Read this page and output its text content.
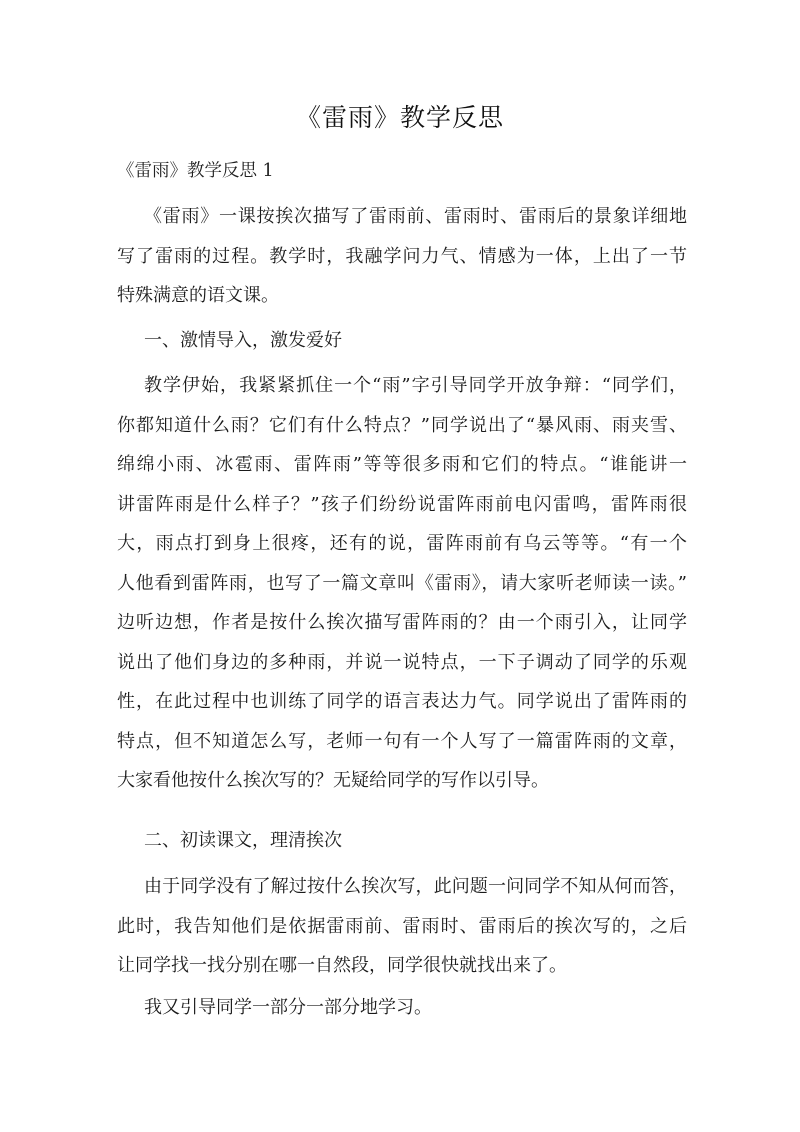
《雷雨》教学反思
《雷雨》教学反思 1
《雷雨》一课按挨次描写了雷雨前、雷雨时、雷雨后的景象详细地
写了雷雨的过程。教学时，我融学问力气、情感为一体，上出了一节
特殊满意的语文课。
一、激情导入，激发爱好
教学伊始，我紧紧抓住一个“雨”字引导同学开放争辩：“同学们，
你都知道什么雨？它们有什么特点？”同学说出了“暴风雨、雨夹雪、
绵绵小雨、冰雹雨、雷阵雨”等等很多雨和它们的特点。“谁能讲一
讲雷阵雨是什么样子？”孩子们纷纷说雷阵雨前电闪雷鸣，雷阵雨很
大，雨点打到身上很疼，还有的说，雷阵雨前有乌云等等。“有一个
人他看到雷阵雨，也写了一篇文章叫《雷雨》，请大家听老师读一读。”
边听边想，作者是按什么挨次描写雷阵雨的？由一个雨引入，让同学
说出了他们身边的多种雨，并说一说特点，一下子调动了同学的乐观
性，在此过程中也训练了同学的语言表达力气。同学说出了雷阵雨的
特点，但不知道怎么写，老师一句有一个人写了一篇雷阵雨的文章，
大家看他按什么挨次写的？无疑给同学的写作以引导。
二、初读课文，理清挨次
由于同学没有了解过按什么挨次写，此问题一问同学不知从何而答，
此时，我告知他们是依据雷雨前、雷雨时、雷雨后的挨次写的，之后
让同学找一找分别在哪一自然段，同学很快就找出来了。
我又引导同学一部分一部分地学习。
